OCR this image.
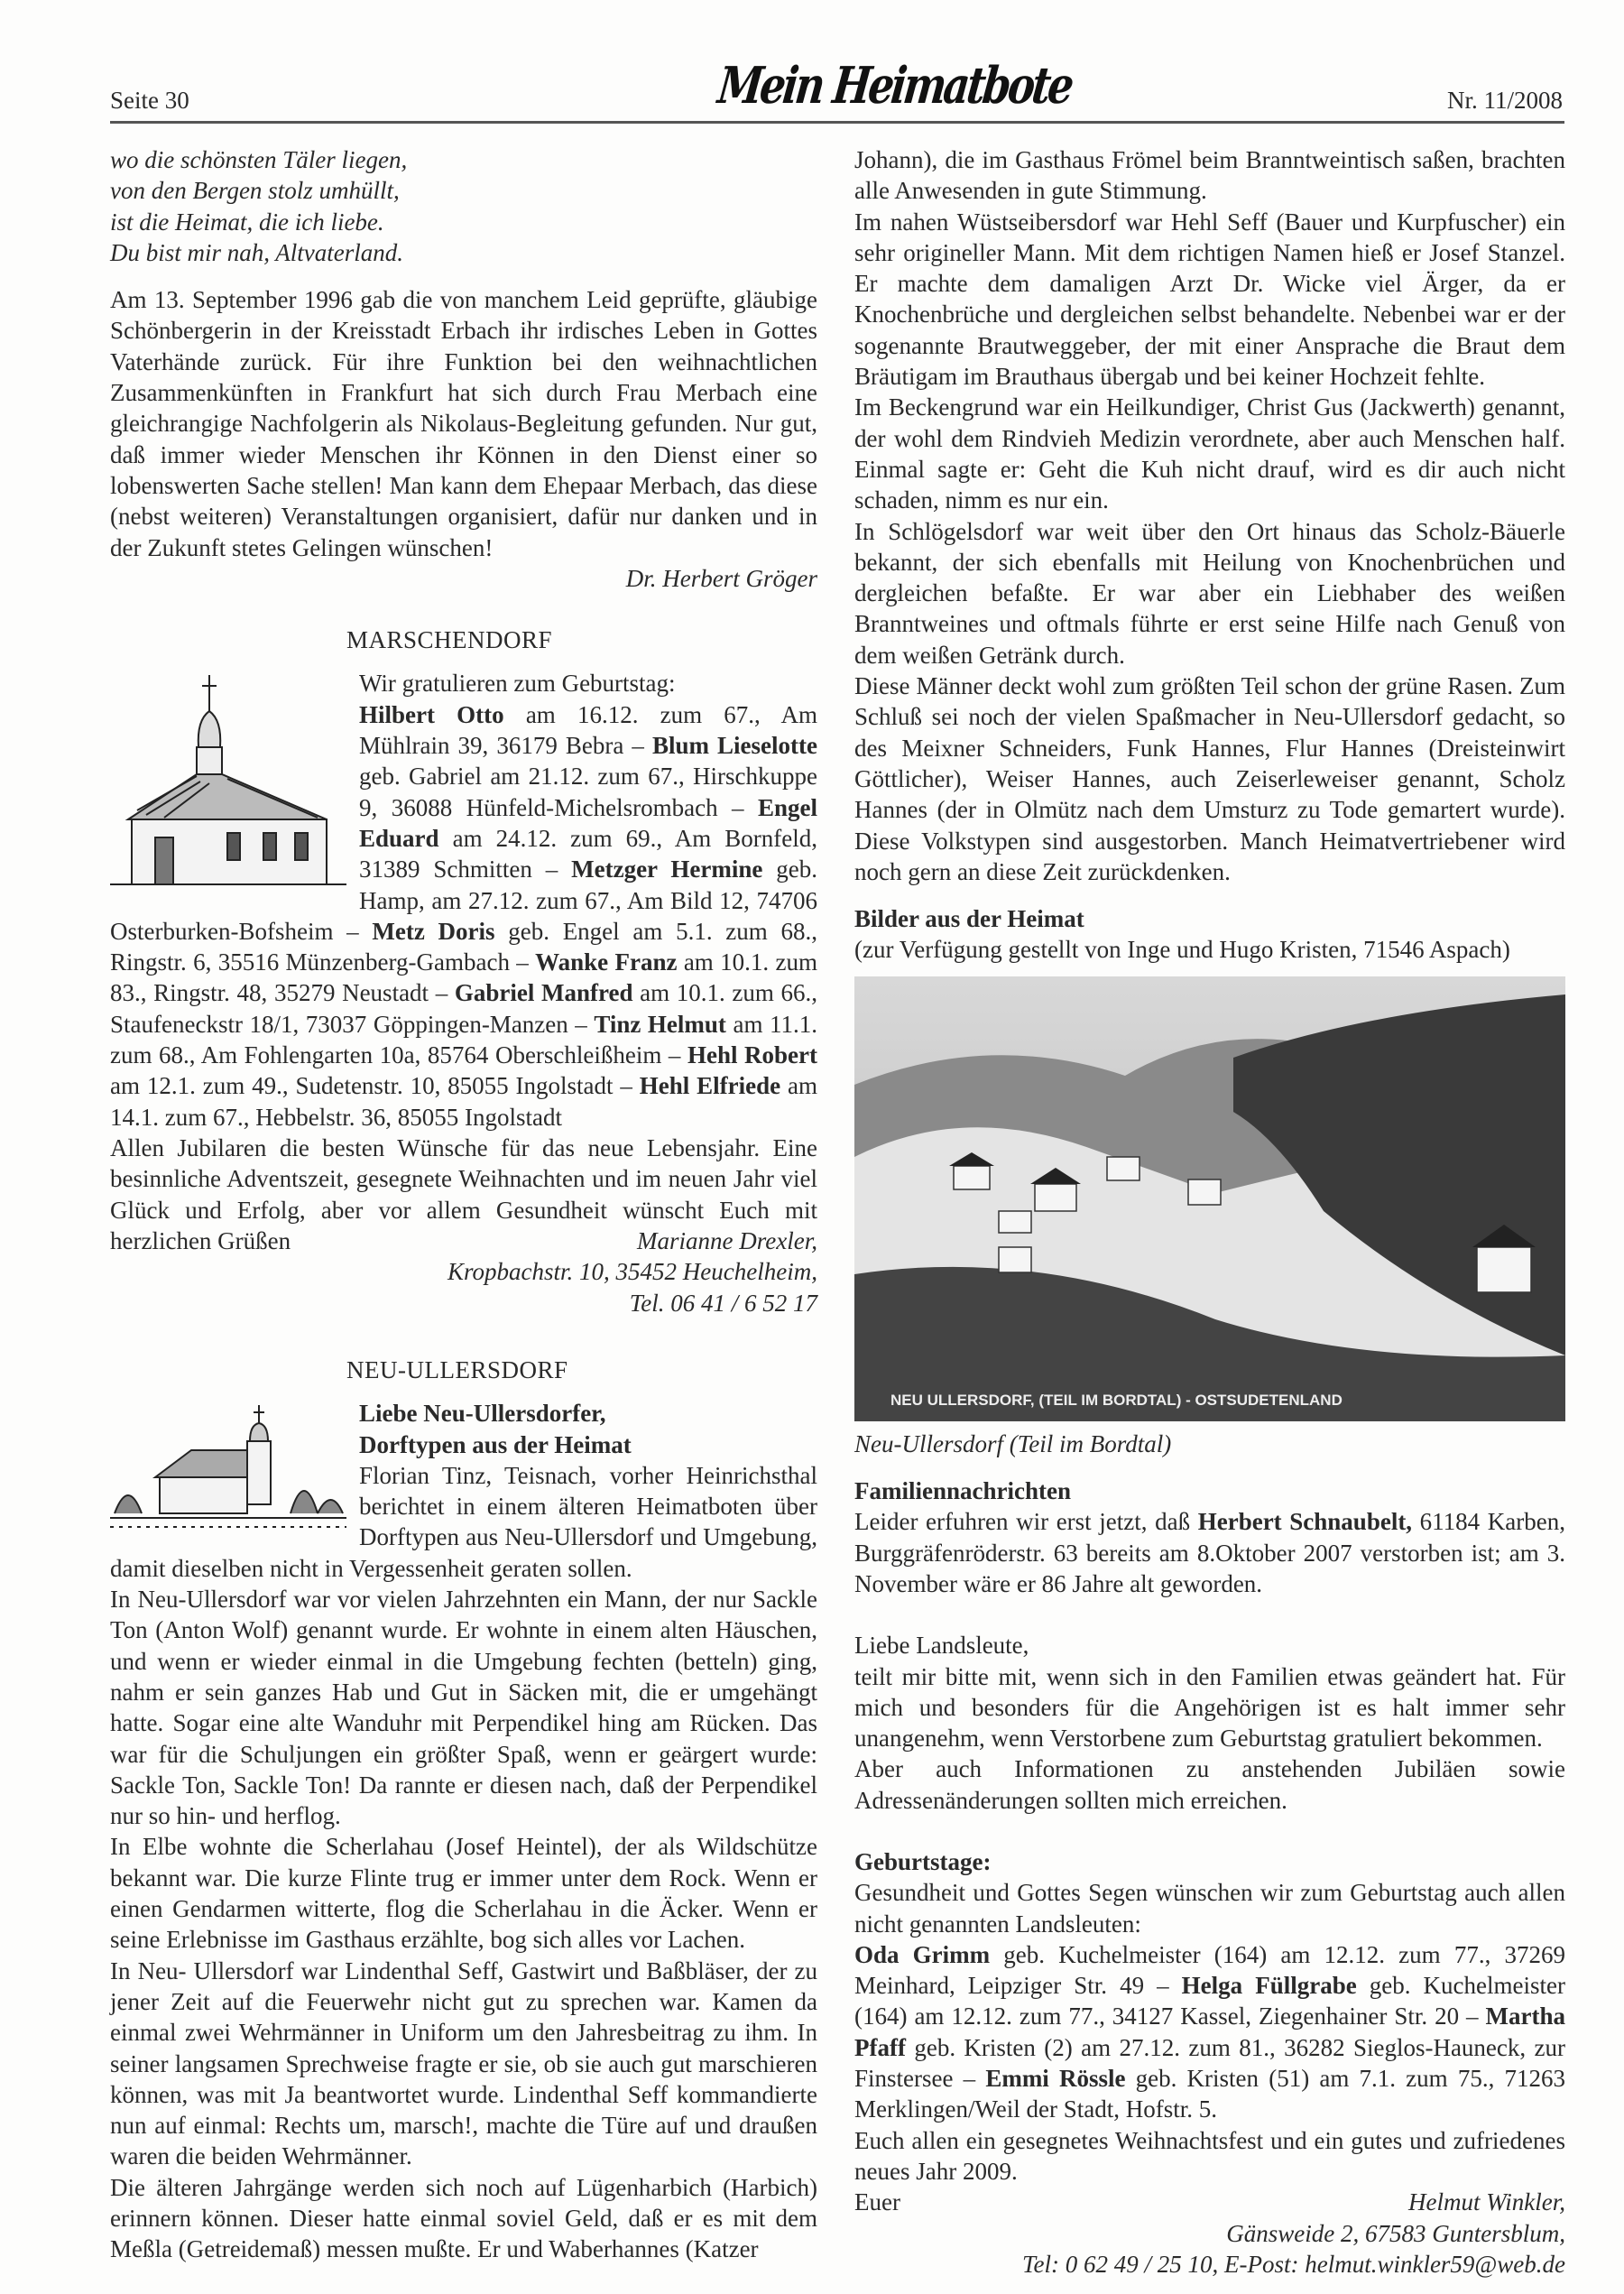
Seite 30	Mein Heimatbote	Nr. 11/2008

wo die schönsten Täler liegen,

von den Bergen stolz umhüllt,

ist die Heimat, die ich liebe.

Du bist mir nah, Altvaterland.

Am 13. September 1996 gab die von manchem Leid geprüfte, gläubige Schönbergerin in der Kreisstadt Erbach ihr irdisches Leben in Gottes Vaterhände zurück. Für ihre Funktion bei den weihnachtlichen Zusammenkünften in Frankfurt hat sich durch Frau Merbach eine gleichrangige Nachfolgerin als Nikolaus-Begleitung gefunden. Nur gut, daß immer wieder Menschen ihr Können in den Dienst einer so lobenswerten Sache stellen! Man kann dem Ehepaar Merbach, das diese (nebst weiteren) Veranstaltungen organisiert, dafür nur danken und in der Zukunft stetes Gelingen wünschen!

Dr. Herbert Gröger

MARSCHENDORF

Wir gratulieren zum Geburtstag:

Hilbert Otto am 16.12. zum 67., Am Mühlrain 39, 36179 Bebra – Blum Lieselotte geb. Gabriel am 21.12. zum 67., Hirschkuppe 9, 36088 Hünfeld-Michelsrombach – Engel Eduard am 24.12. zum 69., Am Bornfeld, 31389 Schmitten – Metzger Hermine geb. Hamp, am 27.12. zum 67., Am Bild 12, 74706 Osterburken-Bofsheim – Metz Doris geb. Engel am 5.1. zum 68., Ringstr. 6, 35516 Münzenberg-Gambach – Wanke Franz am 10.1. zum 83., Ringstr. 48, 35279 Neustadt – Gabriel Manfred am 10.1. zum 66., Staufeneckstr 18/1, 73037 Göppingen-Manzen – Tinz Helmut am 11.1. zum 68., Am Fohlengarten 10a, 85764 Oberschleißheim – Hehl Robert am 12.1. zum 49., Sudetenstr. 10, 85055 Ingolstadt – Hehl Elfriede am 14.1. zum 67., Hebbelstr. 36, 85055 Ingolstadt

Allen Jubilaren die besten Wünsche für das neue Lebensjahr. Eine besinnliche Adventszeit, gesegnete Weihnachten und im neuen Jahr viel Glück und Erfolg, aber vor allem Gesundheit wünscht Euch mit herzlichen Grüßen	Marianne Drexler,

Kropbachstr. 10, 35452 Heuchelheim,

Tel. 06 41 / 6 52 17

NEU-ULLERSDORF

Liebe Neu-Ullersdorfer,

Dorftypen aus der Heimat

Florian Tinz, Teisnach, vorher Heinrichsthal berichtet in einem älteren Heimatboten über Dorftypen aus Neu-Ullersdorf und Umgebung, damit dieselben nicht in Vergessenheit geraten sollen.

In Neu-Ullersdorf war vor vielen Jahrzehnten ein Mann, der nur Sackle Ton (Anton Wolf) genannt wurde. Er wohnte in einem alten Häuschen, und wenn er wieder einmal in die Umgebung fechten (betteln) ging, nahm er sein ganzes Hab und Gut in Säcken mit, die er umgehängt hatte. Sogar eine alte Wanduhr mit Perpendikel hing am Rücken. Das war für die Schuljungen ein größter Spaß, wenn er geärgert wurde: Sackle Ton, Sackle Ton! Da rannte er diesen nach, daß der Perpendikel nur so hin- und herflog.

In Elbe wohnte die Scherlahau (Josef Heintel), der als Wildschütze bekannt war. Die kurze Flinte trug er immer unter dem Rock. Wenn er einen Gendarmen witterte, flog die Scherlahau in die Äcker. Wenn er seine Erlebnisse im Gasthaus erzählte, bog sich alles vor Lachen.

In Neu- Ullersdorf war Lindenthal Seff, Gastwirt und Baßbläser, der zu jener Zeit auf die Feuerwehr nicht gut zu sprechen war. Kamen da einmal zwei Wehrmänner in Uniform um den Jahresbeitrag zu ihm. In seiner langsamen Sprechweise fragte er sie, ob sie auch gut marschieren können, was mit Ja beantwortet wurde. Lindenthal Seff kommandierte nun auf einmal: Rechts um, marsch!, machte die Türe auf und draußen waren die beiden Wehrmänner.

Die älteren Jahrgänge werden sich noch auf Lügenharbich (Harbich) erinnern können. Dieser hatte einmal soviel Geld, daß er es mit dem Meßla (Getreidemaß) messen mußte. Er und Waberhannes (Katzer

Johann), die im Gasthaus Frömel beim Branntweintisch saßen, brachten alle Anwesenden in gute Stimmung.

Im nahen Wüstseibersdorf war Hehl Seff (Bauer und Kurpfuscher) ein sehr origineller Mann. Mit dem richtigen Namen hieß er Josef Stanzel. Er machte dem damaligen Arzt Dr. Wicke viel Ärger, da er Knochenbrüche und dergleichen selbst behandelte. Nebenbei war er der sogenannte Brautweggeber, der mit einer Ansprache die Braut dem Bräutigam im Brauthaus übergab und bei keiner Hochzeit fehlte.

Im Beckengrund war ein Heilkundiger, Christ Gus (Jackwerth) genannt, der wohl dem Rindvieh Medizin verordnete, aber auch Menschen half. Einmal sagte er: Geht die Kuh nicht drauf, wird es dir auch nicht schaden, nimm es nur ein.

In Schlögelsdorf war weit über den Ort hinaus das Scholz-Bäuerle bekannt, der sich ebenfalls mit Heilung von Knochenbrüchen und dergleichen befaßte. Er war aber ein Liebhaber des weißen Branntweines und oftmals führte er erst seine Hilfe nach Genuß von dem weißen Getränk durch.

Diese Männer deckt wohl zum größten Teil schon der grüne Rasen. Zum Schluß sei noch der vielen Spaßmacher in Neu-Ullersdorf gedacht, so des Meixner Schneiders, Funk Hannes, Flur Hannes (Dreisteinwirt Göttlicher), Weiser Hannes, auch Zeiserleweiser genannt, Scholz Hannes (der in Olmütz nach dem Umsturz zu Tode gemartert wurde). Diese Volkstypen sind ausgestorben. Manch Heimatvertriebener wird noch gern an diese Zeit zurückdenken.

Bilder aus der Heimat

(zur Verfügung gestellt von Inge und Hugo Kristen, 71546 Aspach)

NEU ULLERSDORF, (TEIL IM BORDTAL) - OSTSUDETENLAND

Neu-Ullersdorf (Teil im Bordtal)

Familiennachrichten

Leider erfuhren wir erst jetzt, daß Herbert Schnaubelt, 61184 Karben, Burggräfenröderstr. 63 bereits am 8.Oktober 2007 verstorben ist; am 3. November wäre er 86 Jahre alt geworden.

Liebe Landsleute,

teilt mir bitte mit, wenn sich in den Familien etwas geändert hat. Für mich und besonders für die Angehörigen ist es halt immer sehr unangenehm, wenn Verstorbene zum Geburtstag gratuliert bekommen.

Aber auch Informationen zu anstehenden Jubiläen sowie Adressenänderungen sollten mich erreichen.

Geburtstage:

Gesundheit und Gottes Segen wünschen wir zum Geburtstag auch allen nicht genannten Landsleuten:

Oda Grimm geb. Kuchelmeister (164) am 12.12. zum 77., 37269 Meinhard, Leipziger Str. 49 – Helga Füllgrabe geb. Kuchelmeister (164) am 12.12. zum 77., 34127 Kassel, Ziegenhainer Str. 20 – Martha Pfaff geb. Kristen (2) am 27.12. zum 81., 36282 Sieglos-Hauneck, zur Finstersee – Emmi Rössle geb. Kristen (51) am 7.1. zum 75., 71263 Merklingen/Weil der Stadt, Hofstr. 5.

Euch allen ein gesegnetes Weihnachtsfest und ein gutes und zufriedenes neues Jahr 2009.

Euer	Helmut Winkler,

Gänsweide 2, 67583 Guntersblum,

Tel: 0 62 49 / 25 10, E-Post: helmut.winkler59@web.de
